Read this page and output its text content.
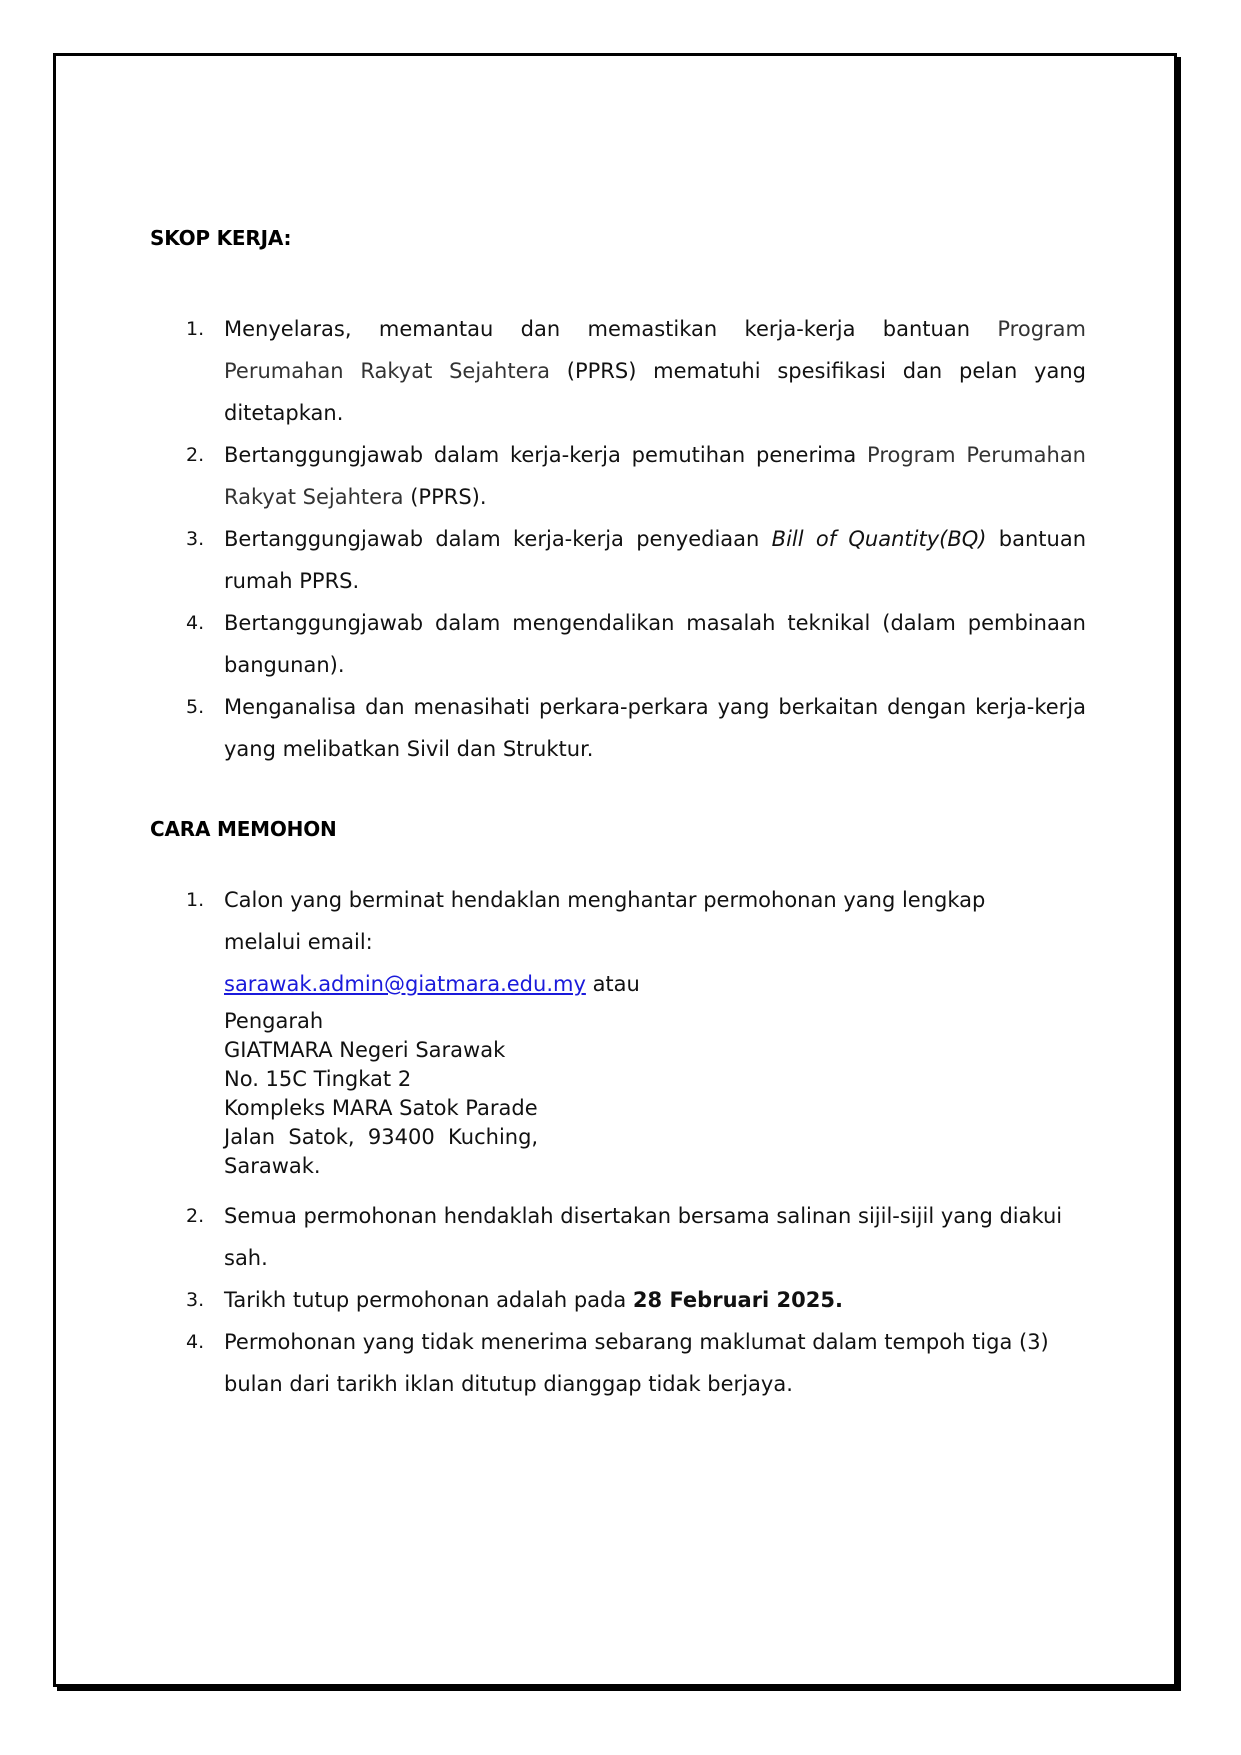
SKOP KERJA:
1. Menyelaras, memantau dan memastikan kerja-kerja bantuan Program Perumahan Rakyat Sejahtera (PPRS) mematuhi spesifikasi dan pelan yang ditetapkan.
2. Bertanggungjawab dalam kerja-kerja pemutihan penerima Program Perumahan Rakyat Sejahtera (PPRS).
3. Bertanggungjawab dalam kerja-kerja penyediaan Bill of Quantity(BQ) bantuan rumah PPRS.
4. Bertanggungjawab dalam mengendalikan masalah teknikal (dalam pembinaan bangunan).
5. Menganalisa dan menasihati perkara-perkara yang berkaitan dengan kerja-kerja yang melibatkan Sivil dan Struktur.
CARA MEMOHON
1. Calon yang berminat hendaklan menghantar permohonan yang lengkap
melalui email:
sarawak.admin@giatmara.edu.my atau
Pengarah
GIATMARA Negeri Sarawak
No. 15C Tingkat 2
Kompleks MARA Satok Parade
Jalan  Satok,  93400  Kuching,
Sarawak.
2. Semua permohonan hendaklah disertakan bersama salinan sijil-sijil yang diakui sah.
3. Tarikh tutup permohonan adalah pada 28 Februari 2025.
4. Permohonan yang tidak menerima sebarang maklumat dalam tempoh tiga (3) bulan dari tarikh iklan ditutup dianggap tidak berjaya.
